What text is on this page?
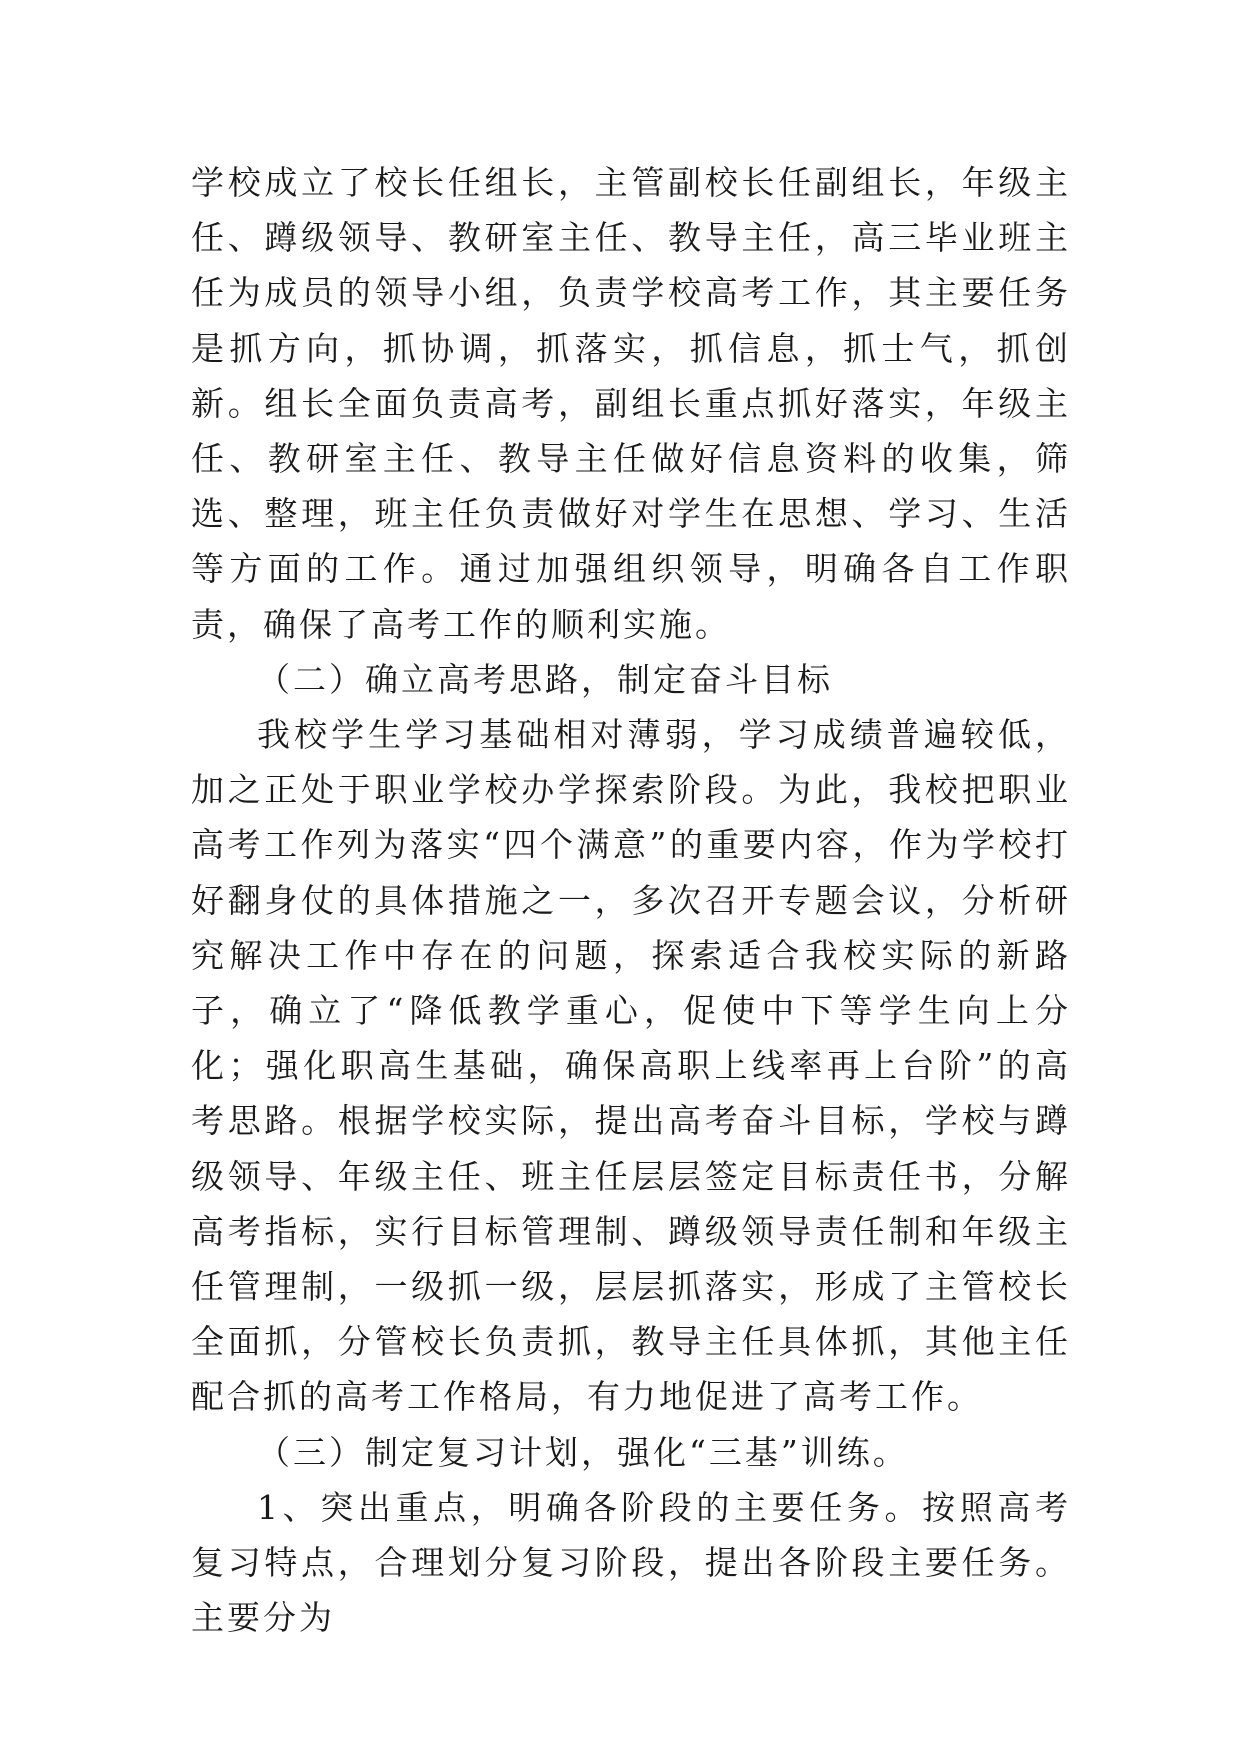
学校成立了校长任组长，主管副校长任副组长，年级主任、蹲级领导、教研室主任、教导主任，高三毕业班主任为成员的领导小组，负责学校高考工作，其主要任务是抓方向，抓协调，抓落实，抓信息，抓士气，抓创新。组长全面负责高考，副组长重点抓好落实，年级主任、教研室主任、教导主任做好信息资料的收集，筛选、整理，班主任负责做好对学生在思想、学习、生活等方面的工作。通过加强组织领导，明确各自工作职责，确保了高考工作的顺利实施。

（二）确立高考思路，制定奋斗目标

我校学生学习基础相对薄弱，学习成绩普遍较低，加之正处于职业学校办学探索阶段。为此，我校把职业高考工作列为落实“四个满意”的重要内容，作为学校打好翻身仗的具体措施之一，多次召开专题会议，分析研究解决工作中存在的问题，探索适合我校实际的新路子，确立了“降低教学重心，促使中下等学生向上分化；强化职高生基础，确保高职上线率再上台阶”的高考思路。根据学校实际，提出高考奋斗目标，学校与蹲级领导、年级主任、班主任层层签定目标责任书，分解高考指标，实行目标管理制、蹲级领导责任制和年级主任管理制，一级抓一级，层层抓落实，形成了主管校长全面抓，分管校长负责抓，教导主任具体抓，其他主任配合抓的高考工作格局，有力地促进了高考工作。

（三）制定复习计划，强化“三基”训练。

1、突出重点，明确各阶段的主要任务。按照高考复习特点，合理划分复习阶段，提出各阶段主要任务。主要分为
